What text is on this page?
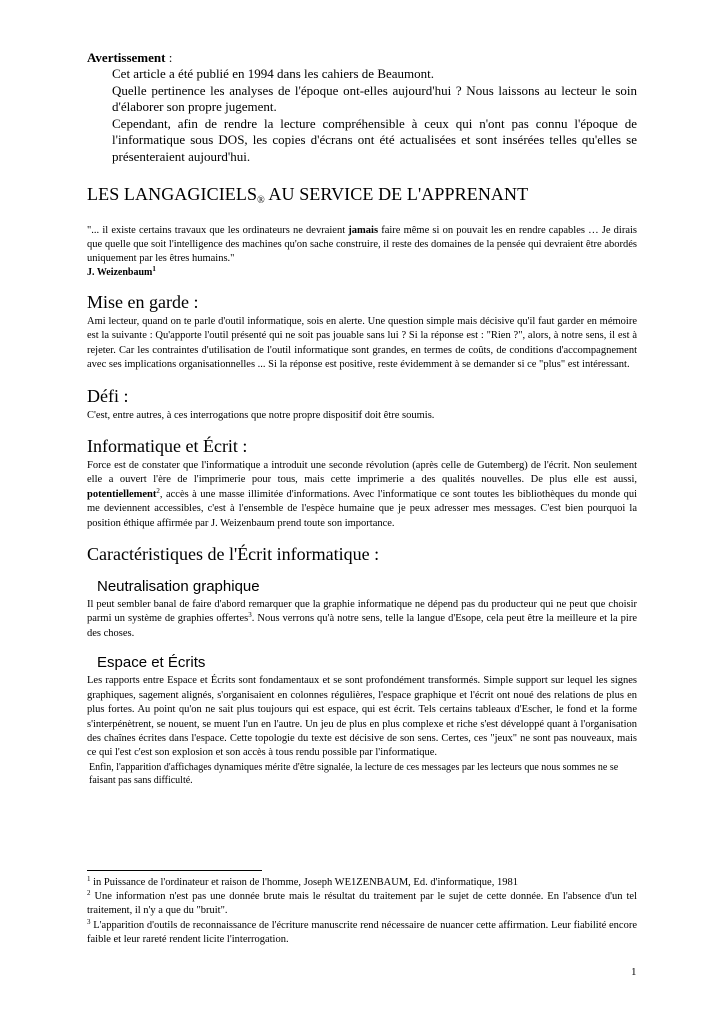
Avertissement :

Cet article a été publié en 1994 dans les cahiers de Beaumont.

Quelle pertinence les analyses de l'époque ont-elles aujourd'hui ? Nous laissons au lecteur le soin d'élaborer son propre jugement.

Cependant, afin de rendre la lecture compréhensible à ceux qui n'ont pas connu l'époque de l'informatique sous DOS, les copies d'écrans ont été actualisées et sont insérées telles qu'elles se présenteraient aujourd'hui.

LES LANGAGICIELS® AU SERVICE DE L'APPRENANT

"... il existe certains travaux que les ordinateurs ne devraient jamais faire même si on pouvait les en rendre capables … Je dirais que quelle que soit l'intelligence des machines qu'on sache construire, il reste des domaines de la pensée qui devraient être abordés uniquement par les êtres humains."

J. Weizenbaum$^1$

Mise en garde :

Ami lecteur, quand on te parle d'outil informatique, sois en alerte. Une question simple mais décisive qu'il faut garder en mémoire est la suivante : Qu'apporte l'outil présenté qui ne soit pas jouable sans lui ? Si la réponse est : "Rien ?", alors, à notre sens, il est à rejeter. Car les contraintes d'utilisation de l'outil informatique sont grandes, en termes de coûts, de conditions d'accompagnement avec ses implications organisationnelles ... Si la réponse est positive, reste évidemment à se demander si ce "plus" est intéressant.

Défi :

C'est, entre autres, à ces interrogations que notre propre dispositif doit être soumis.

Informatique et Écrit :

Force est de constater que l'informatique a introduit une seconde révolution (après celle de Gutemberg) de l'écrit. Non seulement elle a ouvert l'ère de l'imprimerie pour tous, mais cette imprimerie a des qualités nouvelles. De plus elle est aussi, potentiellement$^2$, accès à une masse illimitée d'informations. Avec l'informatique ce sont toutes les bibliothèques du monde qui me deviennent accessibles, c'est à l'ensemble de l'espèce humaine que je peux adresser mes messages. C'est bien pourquoi la position éthique affirmée par J. Weizenbaum prend toute son importance.

Caractéristiques de l'Écrit informatique :
Neutralisation graphique

Il peut sembler banal de faire d'abord remarquer que la graphie informatique ne dépend pas du producteur qui ne peut que choisir parmi un système de graphies offertes$^3$. Nous verrons qu'à notre sens, telle la langue d'Esope, cela peut être la meilleure et la pire des choses.

Espace et Écrits

Les rapports entre Espace et Écrits sont fondamentaux et se sont profondément transformés. Simple support sur lequel les signes graphiques, sagement alignés, s'organisaient en colonnes régulières, l'espace graphique et l'écrit ont noué des relations de plus en plus fortes. Au point qu'on ne sait plus toujours qui est espace, qui est écrit. Tels certains tableaux d'Escher, le fond et la forme s'interpénètrent, se nouent, se muent l'un en l'autre. Un jeu de plus en plus complexe et riche s'est développé quant à l'organisation des chaînes écrites dans l'espace. Cette topologie du texte est décisive de son sens. Certes, ces "jeux" ne sont pas nouveaux, mais ce qui l'est c'est son explosion et son accès à tous rendu possible par l'informatique.

Enfin, l'apparition d'affichages dynamiques mérite d'être signalée, la lecture de ces messages par les lecteurs que nous sommes ne se faisant pas sans difficulté.

$^1$ in Puissance de l'ordinateur et raison de l'homme, Joseph WE1ZENBAUM, Ed. d'informatique, 1981

$^2$ Une information n'est pas une donnée brute mais le résultat du traitement par le sujet de cette donnée. En l'absence d'un tel traitement, il n'y a que du "bruit".

$^3$ L'apparition d'outils de reconnaissance de l'écriture manuscrite rend nécessaire de nuancer cette affirmation. Leur fiabilité encore faible et leur rareté rendent licite l'interrogation.

1
